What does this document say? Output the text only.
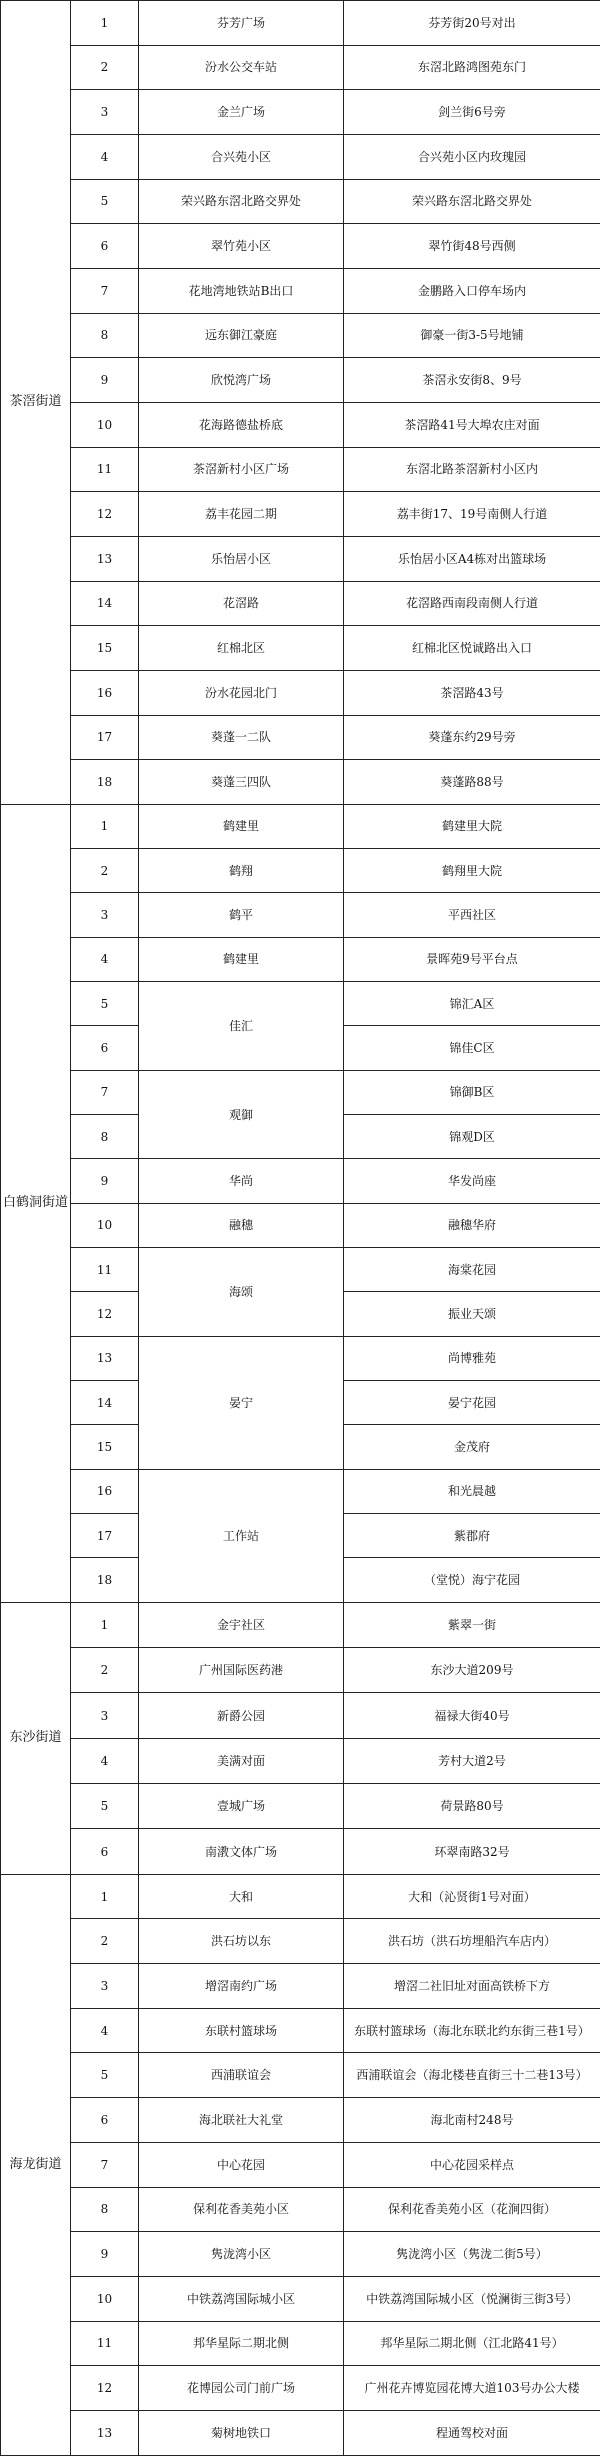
茶滘街道	1	芬芳广场	芬芳街20号对出
	2	汾水公交车站	东滘北路鸿图苑东门
	3	金兰广场	剑兰街6号旁
	4	合兴苑小区	合兴苑小区内玫瑰园
	5	荣兴路东滘北路交界处	荣兴路东滘北路交界处
	6	翠竹苑小区	翠竹街48号西侧
	7	花地湾地铁站B出口	金鹏路入口停车场内
	8	远东御江豪庭	御豪一街3-5号地铺
	9	欣悦湾广场	茶滘永安街8、9号
	10	花海路德盐桥底	茶滘路41号大埠农庄对面
	11	茶滘新村小区广场	东滘北路茶滘新村小区内
	12	荔丰花园二期	荔丰街17、19号南侧人行道
	13	乐怡居小区	乐怡居小区A4栋对出篮球场
	14	花滘路	花滘路西南段南侧人行道
	15	红棉北区	红棉北区悦诚路出入口
	16	汾水花园北门	茶滘路43号
	17	葵蓬一二队	葵蓬东约29号旁
	18	葵蓬三四队	葵蓬路88号
白鹤洞街道	1	鹤建里	鹤建里大院
	2	鹤翔	鹤翔里大院
	3	鹤平	平西社区
	4	鹤建里	景晖苑9号平台点
	5	佳汇	锦汇A区
	6		锦佳C区
	7	观御	锦御B区
	8		锦观D区
	9	华尚	华发尚座
	10	融穗	融穗华府
	11	海颂	海棠花园
	12		振业天颂
	13	晏宁	尚博雅苑
	14		晏宁花园
	15		金茂府
	16	工作站	和光晨越
	17		紫郡府
	18		（堂悦）海宁花园
东沙街道	1	金宇社区	紫翠一街
	2	广州国际医药港	东沙大道209号
	3	新爵公园	福禄大街40号
	4	美满对面	芳村大道2号
	5	壹城广场	荷景路80号
	6	南漖文体广场	环翠南路32号
海龙街道	1	大和	大和（沁贤街1号对面）
	2	洪石坊以东	洪石坊（洪石坊埋船汽车店内）
	3	增滘南约广场	增滘二社旧址对面高铁桥下方
	4	东联村篮球场	东联村篮球场（海北东联北约东街三巷1号）
	5	西浦联谊会	西浦联谊会（海北楼巷直街三十二巷13号）
	6	海北联社大礼堂	海北南村248号
	7	中心花园	中心花园采样点
	8	保利花香美苑小区	保利花香美苑小区（花涧四街）
	9	隽泷湾小区	隽泷湾小区（隽泷二街5号）
	10	中铁荔湾国际城小区	中铁荔湾国际城小区（悦澜街三街3号）
	11	邦华星际二期北侧	邦华星际二期北侧（江北路41号）
	12	花博园公司门前广场	广州花卉博览园花博大道103号办公大楼
	13	菊树地铁口	程通驾校对面
